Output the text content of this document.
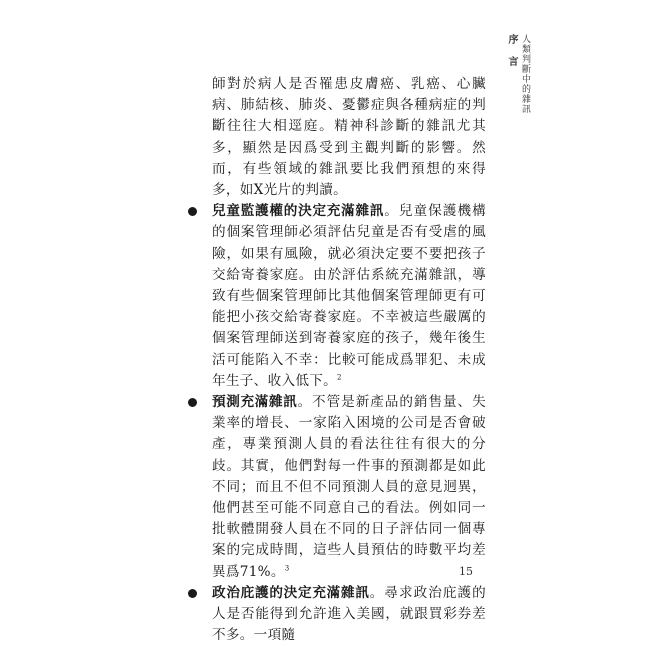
序　言 人類判斷中的雜訊

師對於病人是否罹患皮膚癌、乳癌、心臟病、肺結核、肺炎、憂鬱症與各種病症的判斷往往大相逕庭。精神科診斷的雜訊尤其多，顯然是因爲受到主觀判斷的影響。然而，有些領域的雜訊要比我們預想的來得多，如X光片的判讀。

兒童監護權的決定充滿雜訊。兒童保護機構的個案管理師必須評估兒童是否有受虐的風險，如果有風險，就必須決定要不要把孩子交給寄養家庭。由於評估系統充滿雜訊，導致有些個案管理師比其他個案管理師更有可能把小孩交給寄養家庭。不幸被這些嚴厲的個案管理師送到寄養家庭的孩子，幾年後生活可能陷入不幸：比較可能成爲罪犯、未成年生子、收入低下。$^2$

預測充滿雜訊。不管是新產品的銷售量、失業率的增長、一家陷入困境的公司是否會破產，專業預測人員的看法往往有很大的分歧。其實，他們對每一件事的預測都是如此不同；而且不但不同預測人員的意見迥異，他們甚至可能不同意自己的看法。例如同一批軟體開發人員在不同的日子評估同一個專案的完成時間，這些人員預估的時數平均差異爲71%。$^3$

政治庇護的決定充滿雜訊。尋求政治庇護的人是否能得到允許進入美國，就跟買彩券差不多。一項隨

15
